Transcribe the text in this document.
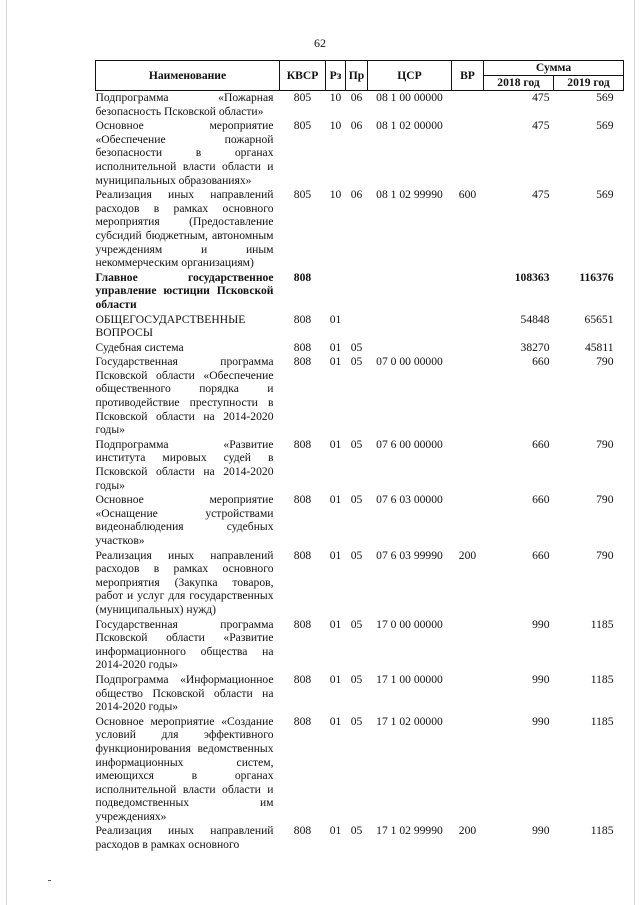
62
Наименование	КВСР	Рз	Пр	ЦСР	ВР	Сумма	
						2018 год	2019 год
Подпрограмма «Пожарная безопасность Псковской области»	805	10	06	08 1 00 00000		475	569
Основное мероприятие «Обеспечение пожарной безопасности в органах исполнительной власти области и муниципальных образованиях»	805	10	06	08 1 02 00000		475	569
Реализация иных направлений расходов в рамках основного мероприятия (Предоставление субсидий бюджетным, автономным учреждениям и иным некоммерческим организациям)	805	10	06	08 1 02 99990	600	475	569
Главное государственное управление юстиции Псковской области	808					108363	116376
ОБЩЕГОСУДАРСТВЕННЫЕ ВОПРОСЫ	808	01				54848	65651
Судебная система	808	01	05			38270	45811
Государственная программа Псковской области «Обеспечение общественного порядка и противодействие преступности в Псковской области на 2014-2020 годы»	808	01	05	07 0 00 00000		660	790
Подпрограмма «Развитие института мировых судей в Псковской области на 2014-2020 годы»	808	01	05	07 6 00 00000		660	790
Основное мероприятие «Оснащение устройствами видеонаблюдения судебных участков»	808	01	05	07 6 03 00000		660	790
Реализация иных направлений расходов в рамках основного мероприятия (Закупка товаров, работ и услуг для государственных (муниципальных) нужд)	808	01	05	07 6 03 99990	200	660	790
Государственная программа Псковской области «Развитие информационного общества на 2014-2020 годы»	808	01	05	17 0 00 00000		990	1185
Подпрограмма «Информационное общество Псковской области на 2014-2020 годы»	808	01	05	17 1 00 00000		990	1185
Основное мероприятие «Создание условий для эффективного функционирования ведомственных информационных систем, имеющихся в органах исполнительной власти области и подведомственных им учреждениях»	808	01	05	17 1 02 00000		990	1185
Реализация иных направлений расходов в рамках основного	808	01	05	17 1 02 99990	200	990	1185
